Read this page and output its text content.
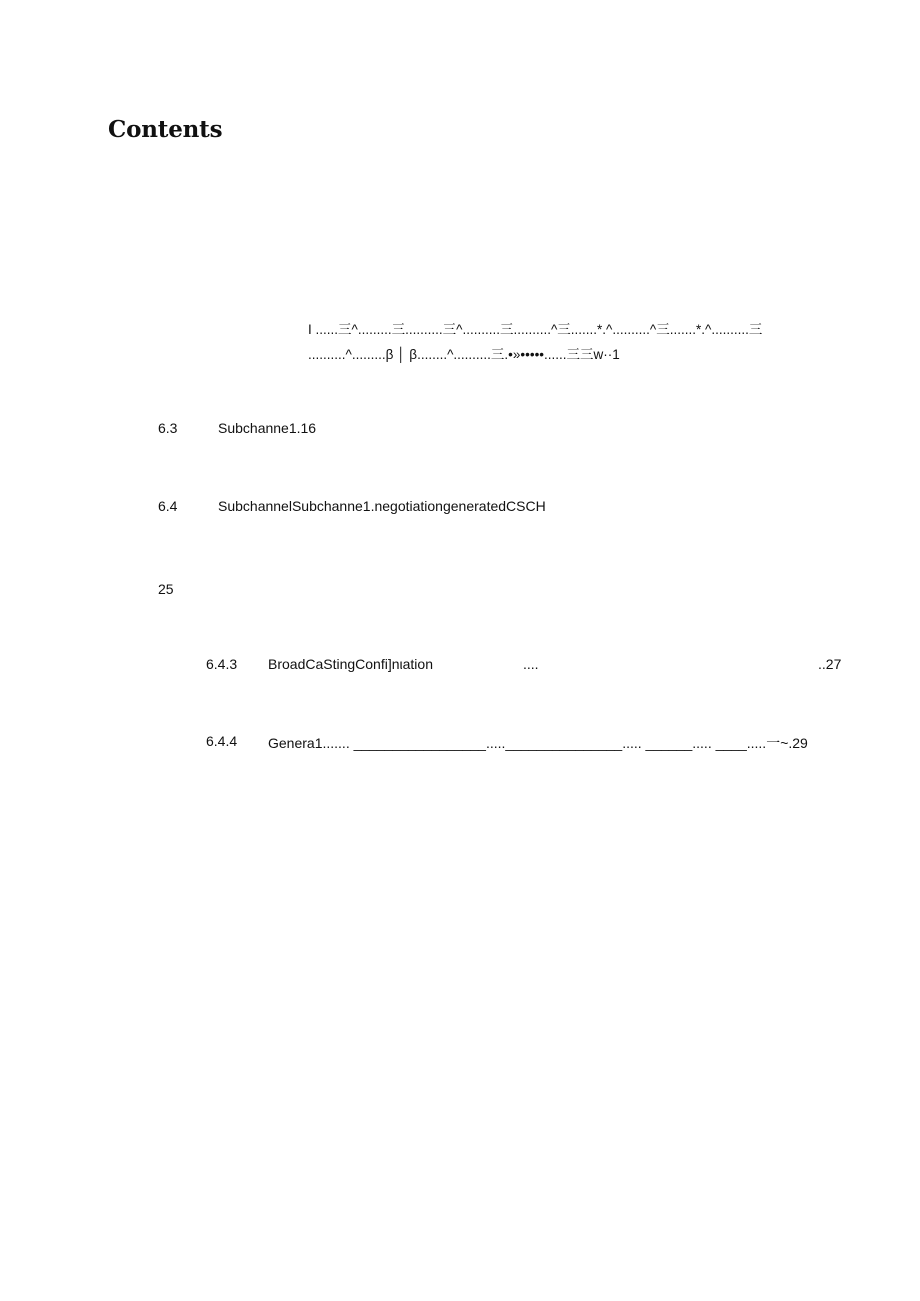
Contents
I ......三^.........三..........三^..........三..........^三.......*.^..........^三.......*.^..........三
..........^.........β │ β........^..........三.•»•••••......三三w··1
6.3	Subchanne1.16
6.4	SubchannelSubchanne1.negotiationgeneratedCSCH
25
6.4.3 BroadCaStingConfi]nιation	....	..27
6.4.4 Genera1....... _________________....._______________..... ______..... ____.....一~.29
